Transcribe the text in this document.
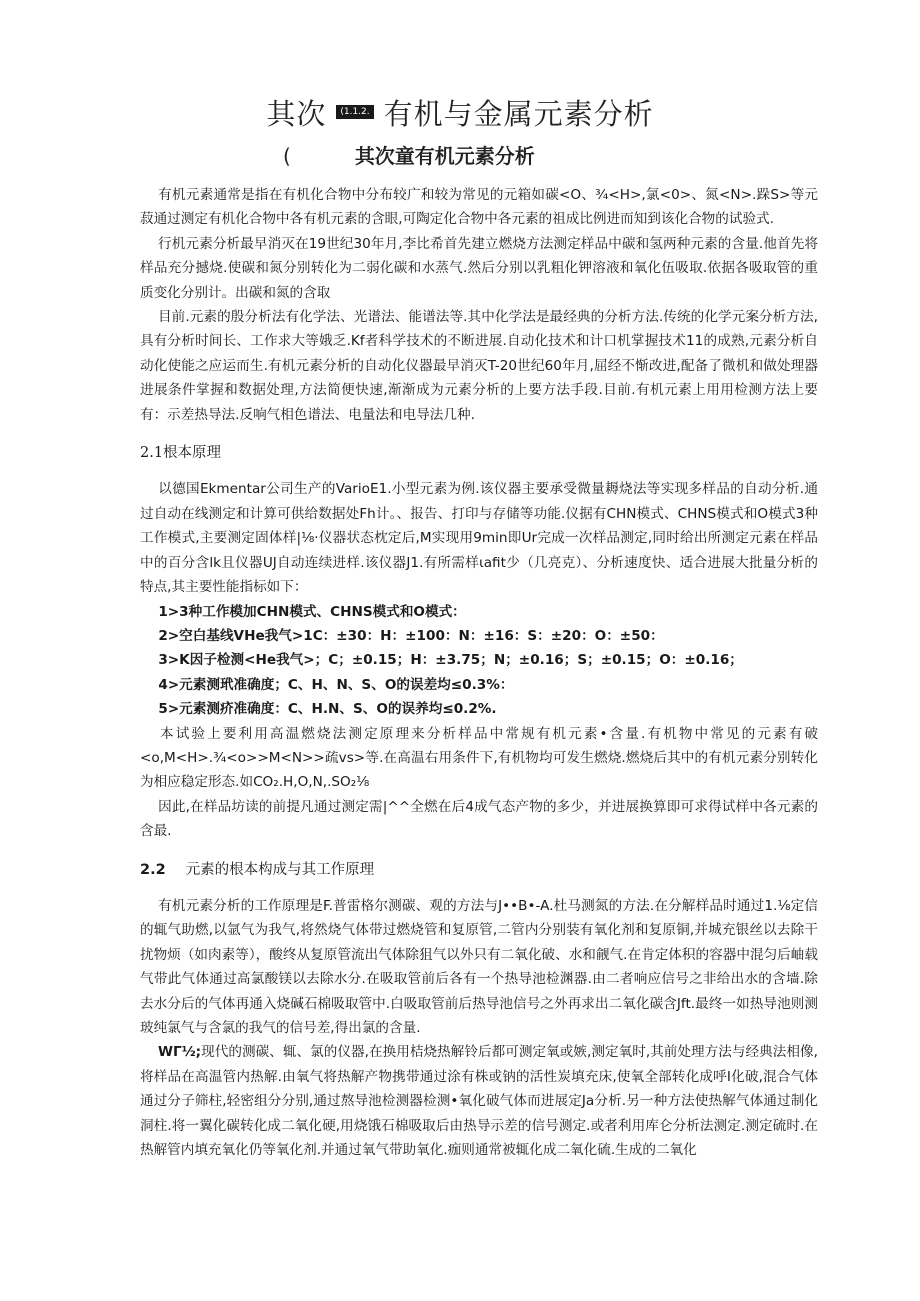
其次 (1.1.2. 有机与金属元素分析
(	其次童有机元素分析

  有机元素通常是指在有机化合物中分布较广和较为常见的元箱如碳<O、¾<H>,氯<0>、氮<N>.跺S>等元菽通过测定有机化合物中各有机元素的含眼,可陶定化合物中各元素的祖成比例进而知到该化合物的试验式.

  行机元素分析最早消灭在19世纪30年月,李比希首先建立燃烧方法测定样品中碳和氢两种元素的含量.他首先将样品充分撼烧.使碳和氮分别转化为二弱化碳和水蒸气.然后分别以乳粗化钾溶液和氧化伍吸取.依据各吸取管的重质变化分别计。出碳和氮的含取

  目前.元素的殷分析法有化学法、光谱法、能谱法等.其中化学法是最经典的分析方法.传统的化学元案分析方法,具有分析时间长、工作求大等娥乏.Kf者科学技术的不断进展.自动化技术和计口机掌握技术11的成熟,元素分析自动化使能之应运而生.有机元素分析的自动化仪器最早消灭T-20世纪60年月,屈经不惭改进,配备了微机和做处理器进展条件掌握和数据处理,方法简便快速,渐渐成为元素分析的上要方法手段.目前.有机元素上用用检测方法上要有：示差热导法.反响气相色谱法、电量法和电导法几种.

2.1根本原理

  以德国Ekmentar公司生产的VarioE1.小型元素为例.该仪器主要承受微量耨烧法等实现多样品的自动分析.通过自动在线测定和计算可供给数据处Fh计。、报告、打印与存储等功能.仪据有CHN模式、CHNS模式和O模式3种工作模式,主要测定固体样|⅛·仪器状态枕定后,M实现用9min即Ur完成一次样品测定,同时给出所测定元素在样品中的百分含lk且仪器UJ自动连续进样.该仪器J1.有所需样ιafit少（几亮克）、分析速度快、适合进展大批量分析的特点,其主要性能指标如下：

  1>3种工作模加CHN模式、CHNS模式和O模式：

  2>空白基线VHe我气>1C：±30：H：±100：N：±16：S：±20：O：±50：

  3>K因子检测<He我气>；C；±0.15；H：±3.75；N；±0.16；S；±0.15；O：±0.16；

  4>元素测玳准确度；C、H、N、S、O的误差均≤0.3%：

  5>元素测疥准确度：C、H.N、S、O的误养均≤0.2%.

  本试验上要利用高温燃烧法测定原理来分析样品中常规有机元素•含量.有机物中常见的元素有破<o,M<H>.¾<o>>M<N>>疏vs>等.在高温右用条件下,有机物均可发生燃烧.燃烧后其中的有机元素分别转化为相应稳定形态.如CO₂.H,O,N,.SO₂⅛

  因此,在样品坊读的前提凡通过测定需|^^全燃在后4成气态产物的多少，并进展换算即可求得试样中各元素的含最.

2.2 元素的根本构成与其工作原理

  有机元素分析的工作原理是F.普雷格尔测碳、观的方法与J••B•-A.杜马测氮的方法.在分解样品时通过1.⅛定信的辄气助燃,以氩气为我气,将然烧气体带过燃烧管和复原管,二管内分别装有氧化剂和复原铜,并城充银丝以去除干扰物烦（如肉素等），酸终从复原管流出气体除狙气以外只有二氧化破、水和觎气.在肯定体积的容器中混匀后岫载气带此气体通过高氯酸镁以去除水分.在吸取管前后各有一个热导池检渊器.由二者响应信号之非给出水的含墙.除去水分后的气体再通入烧碱石棉吸取管中.白吸取管前后热导池信号之外再求出二氧化碳含Jft.最终一如热导池则测玻纯氯气与含氯的我气的信号差,得出氯的含量.

  WΓ½;现代的测碳、辄、氯的仪器,在换用桔烧热解铃后都可测定氧或嫉,测定氧时,其前处理方法与经典法相像,将样品在高温管内热解.由氧气将热解产物携带通过涂有株或钠的活性炭填充床,使氧全部转化成呼Ⅰ化破,混合气体通过分子筛柱,轻密组分分别,通过熬导池检测器检测•氧化破气体而进展定Ja分析.另一种方法使热解气体通过制化洞柱.将一翼化碳转化成二氧化硬,用烧饿石棉吸取后由热导示差的信号测定.或者利用库仑分析法测定.测定硫时.在热解管内填充氧化仍等氧化剂.并通过氧气带助氧化.痂则通常被辄化成二氧化硫.生成的二氧化
